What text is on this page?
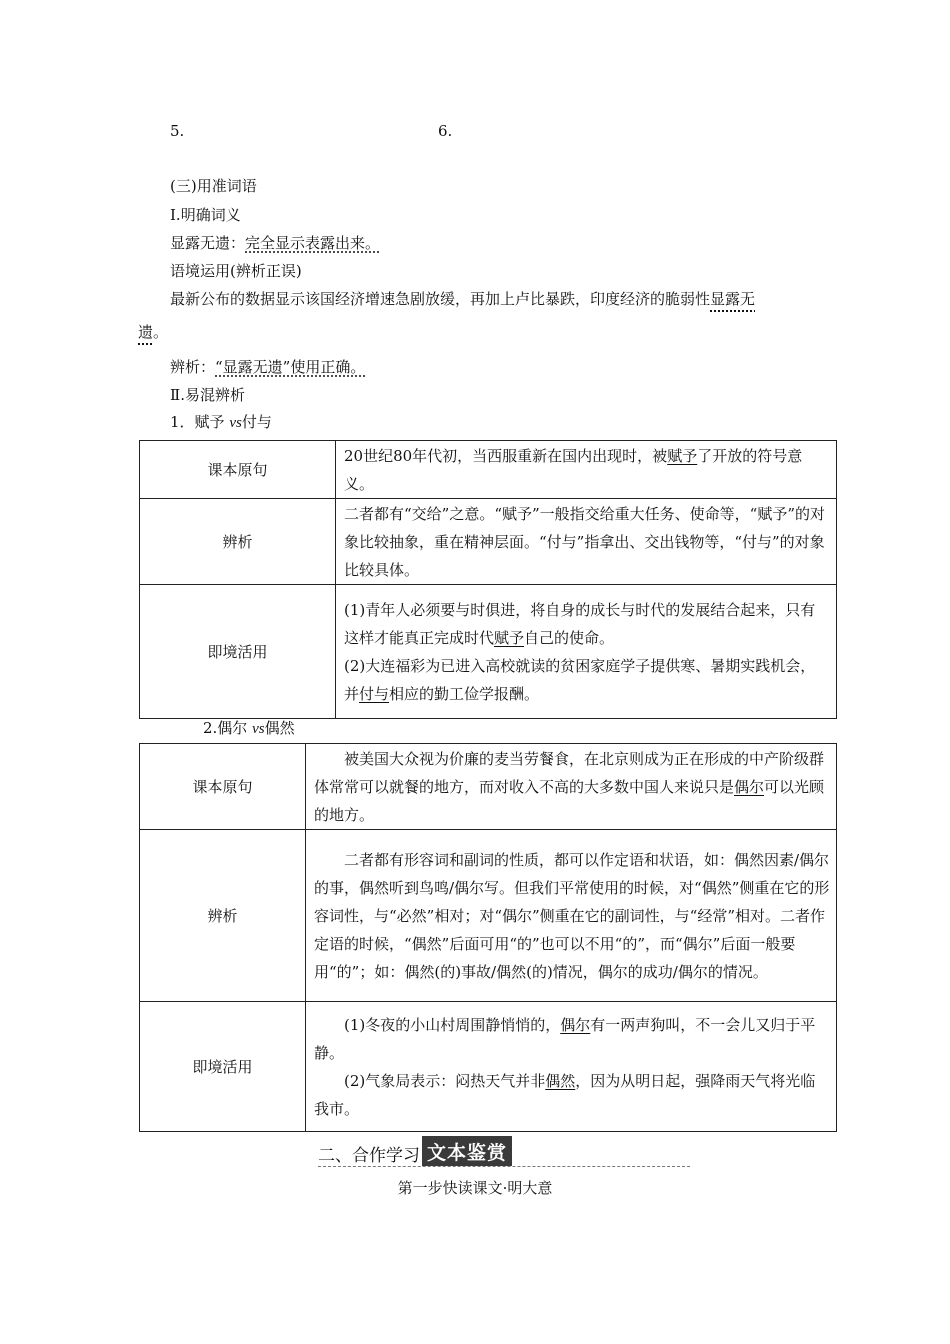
5.	6.
(三)用准词语
Ⅰ.明确词义
显露无遗：完全显示表露出来。
语境运用(辨析正误)
最新公布的数据显示该国经济增速急剧放缓，再加上卢比暴跌，印度经济的脆弱性显露无
遗。
辨析：“显露无遗”使用正确。
Ⅱ.易混辨析
1．赋予 vs付与
课本原句	20世纪80年代初，当西服重新在国内出现时，被赋予了开放的符号意义。
辨析	二者都有“交给”之意。“赋予”一般指交给重大任务、使命等，“赋予”的对象比较抽象，重在精神层面。“付与”指拿出、交出钱物等，“付与”的对象比较具体。
即境活用	(1)青年人必须要与时俱进，将自身的成长与时代的发展结合起来，只有这样才能真正完成时代赋予自己的使命。
(2)大连福彩为已进入高校就读的贫困家庭学子提供寒、暑期实践机会，并付与相应的勤工俭学报酬。
2.偶尔 vs偶然
课本原句	被美国大众视为价廉的麦当劳餐食，在北京则成为正在形成的中产阶级群体常常可以就餐的地方，而对收入不高的大多数中国人来说只是偶尔可以光顾的地方。
辨析	二者都有形容词和副词的性质，都可以作定语和状语，如：偶然因素/偶尔的事，偶然听到鸟鸣/偶尔写。但我们平常使用的时候，对“偶然”侧重在它的形容词性，与“必然”相对；对“偶尔”侧重在它的副词性，与“经常”相对。二者作定语的时候，“偶然”后面可用“的”也可以不用“的”，而“偶尔”后面一般要用“的”；如：偶然(的)事故/偶然(的)情况，偶尔的成功/偶尔的情况。
即境活用	(1)冬夜的小山村周围静悄悄的，偶尔有一两声狗叫，不一会儿又归于平静。
(2)气象局表示：闷热天气并非偶然，因为从明日起，强降雨天气将光临我市。
二、合作学习 文本鉴赏
第一步快读课文·明大意
